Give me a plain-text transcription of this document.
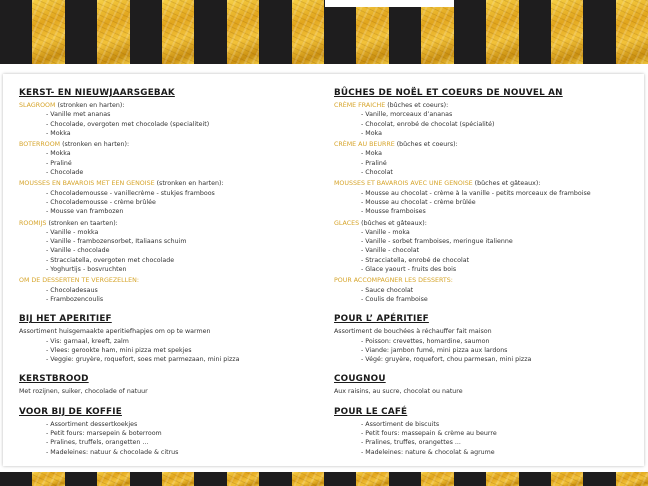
KERST- EN NIEUWJAARSGEBAK
SLAGROOM (stronken en harten):
- Vanille met ananas
- Chocolade, overgoten met chocolade (specialiteit)
- Mokka
BOTERROOM (stronken en harten):
- Mokka
- Praliné
- Chocolade
MOUSSES EN BAVAROIS MET EEN GENOISE (stronken en harten):
- Chocolademousse - vanillecrème - stukjes framboos
- Chocolademousse - crème brûlée
- Mousse van frambozen
ROOMIJS (stronken en taarten):
- Vanille - mokka
- Vanille - frambozensorbet, Italiaans schuim
- Vanille - chocolade
- Stracciatella, overgoten met chocolade
- Yoghurtijs - bosvruchten
OM DE DESSERTEN TE VERGEZELLEN:
- Chocoladesaus
- Frambozencoulis
BIJ HET APERITIEF
Assortiment huisgemaakte aperitiefhapjes om op te warmen
- Vis: garnaal, kreeft, zalm
- Vlees: gerookte ham, mini pizza met spekjes
- Veggie: gruyère, roquefort, soes met parmezaan, mini pizza
KERSTBROOD
Met rozijnen, suiker, chocolade of natuur
VOOR BIJ DE KOFFIE
- Assortiment dessertkoekjes
- Petit fours: marsepein & boterroom
- Pralines, truffels, orangetten ...
- Madeleines: natuur & chocolade & citrus
BÛCHES DE NOËL ET COEURS DE NOUVEL AN
CRÈME FRAICHE (bûches et coeurs):
- Vanille, morceaux d’ananas
- Chocolat, enrobé de chocolat (spécialité)
- Moka
CRÈME AU BEURRE (bûches et coeurs):
- Moka
- Praliné
- Chocolat
MOUSSES ET BAVAROIS AVEC UNE GENOISE (bûches et gâteaux):
- Mousse au chocolat - crème à la vanille - petits morceaux de framboise
- Mousse au chocolat - crème brûlée
- Mousse framboises
GLACES (bûches et gâteaux):
- Vanille - moka
- Vanille - sorbet framboises, meringue italienne
- Vanille - chocolat
- Stracciatella, enrobé de chocolat
- Glace yaourt - fruits des bois
POUR ACCOMPAGNER LES DESSERTS:
- Sauce chocolat
- Coulis de framboise
POUR L’ APÉRITIEF
Assortiment de bouchées à réchauffer fait maison
- Poisson: crevettes, homardine, saumon
- Viande: jambon fumé, mini pizza aux lardons
- Végé: gruyère, roquefort, chou parmesan, mini pizza
COUGNOU
Aux raisins, au sucre, chocolat ou nature
POUR LE CAFÉ
- Assortiment de biscuits
- Petit fours: massepain & crème au beurre
- Pralines, truffes, orangettes ...
- Madeleines: nature & chocolat & agrume
